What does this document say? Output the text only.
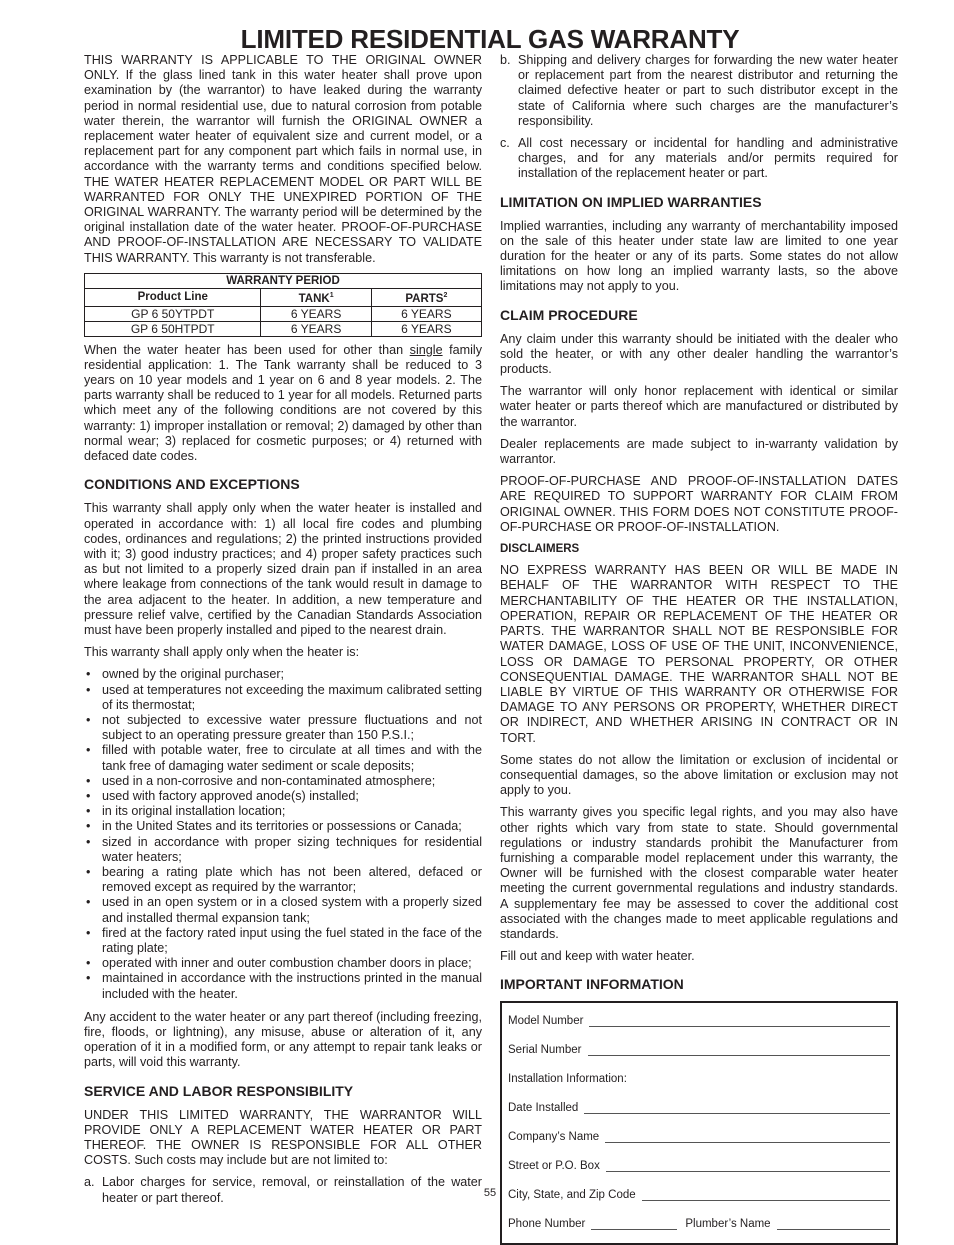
LIMITED RESIDENTIAL GAS WARRANTY

THIS WARRANTY IS APPLICABLE TO THE ORIGINAL OWNER ONLY. If the glass lined tank in this water heater shall prove upon examination by (the warrantor) to have leaked during the warranty period in normal residential use, due to natural corrosion from potable water therein, the warrantor will furnish the ORIGINAL OWNER a replacement water heater of equivalent size and current model, or a replacement part for any component part which fails in normal use, in accordance with the warranty terms and conditions specified below. THE WATER HEATER REPLACEMENT MODEL OR PART WILL BE WARRANTED FOR ONLY THE UNEXPIRED PORTION OF THE ORIGINAL WARRANTY. The warranty period will be determined by the original installation date of the water heater. PROOF-OF-PURCHASE AND PROOF-OF-INSTALLATION ARE NECESSARY TO VALIDATE THIS WARRANTY. This warranty is not transferable.

WARRANTY PERIOD		
Product Line	TANK$^1$	PARTS$^2$
GP 6 50YTPDT	6 YEARS	6 YEARS
GP 6 50HTPDT	6 YEARS	6 YEARS

When the water heater has been used for other than single family residential application: 1. The Tank warranty shall be reduced to 3 years on 10 year models and 1 year on 6 and 8 year models. 2. The parts warranty shall be reduced to 1 year for all models. Returned parts which meet any of the following conditions are not covered by this warranty: 1) improper installation or removal; 2) damaged by other than normal wear; 3) replaced for cosmetic purposes; or 4) returned with defaced date codes.

CONDITIONS AND EXCEPTIONS

This warranty shall apply only when the water heater is installed and operated in accordance with: 1) all local fire codes and plumbing codes, ordinances and regulations; 2) the printed instructions provided with it; 3) good industry practices; and 4) proper safety practices such as but not limited to a properly sized drain pan if installed in an area where leakage from connections of the tank would result in damage to the area adjacent to the heater. In addition, a new temperature and pressure relief valve, certified by the Canadian Standards Association must have been properly installed and piped to the nearest drain.

This warranty shall apply only when the heater is:

• owned by the original purchaser;
• used at temperatures not exceeding the maximum calibrated setting of its thermostat;
• not subjected to excessive water pressure fluctuations and not subject to an operating pressure greater than 150 P.S.I.;
• filled with potable water, free to circulate at all times and with the tank free of damaging water sediment or scale deposits;
• used in a non-corrosive and non-contaminated atmosphere;
• used with factory approved anode(s) installed;
• in its original installation location;
• in the United States and its territories or possessions or Canada;
• sized in accordance with proper sizing techniques for residential water heaters;
• bearing a rating plate which has not been altered, defaced or removed except as required by the warrantor;
• used in an open system or in a closed system with a properly sized and installed thermal expansion tank;
• fired at the factory rated input using the fuel stated in the face of the rating plate;
• operated with inner and outer combustion chamber doors in place;
• maintained in accordance with the instructions printed in the manual included with the heater.

Any accident to the water heater or any part thereof (including freezing, fire, floods, or lightning), any misuse, abuse or alteration of it, any operation of it in a modified form, or any attempt to repair tank leaks or parts, will void this warranty.

SERVICE AND LABOR RESPONSIBILITY

UNDER THIS LIMITED WARRANTY, THE WARRANTOR WILL PROVIDE ONLY A REPLACEMENT WATER HEATER OR PART THEREOF. THE OWNER IS RESPONSIBLE FOR ALL OTHER COSTS. Such costs may include but are not limited to:

a. Labor charges for service, removal, or reinstallation of the water heater or part thereof.
b. Shipping and delivery charges for forwarding the new water heater or replacement part from the nearest distributor and returning the claimed defective heater or part to such distributor except in the state of California where such charges are the manufacturer’s responsibility.
c. All cost necessary or incidental for handling and administrative charges, and for any materials and/or permits required for installation of the replacement heater or part.
LIMITATION ON IMPLIED WARRANTIES

Implied warranties, including any warranty of merchantability imposed on the sale of this heater under state law are limited to one year duration for the heater or any of its parts. Some states do not allow limitations on how long an implied warranty lasts, so the above limitations may not apply to you.

CLAIM PROCEDURE

Any claim under this warranty should be initiated with the dealer who sold the heater, or with any other dealer handling the warrantor’s products.

The warrantor will only honor replacement with identical or similar water heater or parts thereof which are manufactured or distributed by the warrantor.

Dealer replacements are made subject to in-warranty validation by warrantor.

PROOF-OF-PURCHASE AND PROOF-OF-INSTALLATION DATES ARE REQUIRED TO SUPPORT WARRANTY FOR CLAIM FROM ORIGINAL OWNER. THIS FORM DOES NOT CONSTITUTE PROOF-OF-PURCHASE OR PROOF-OF-INSTALLATION.

DISCLAIMERS

NO EXPRESS WARRANTY HAS BEEN OR WILL BE MADE IN BEHALF OF THE WARRANTOR WITH RESPECT TO THE MERCHANTABILITY OF THE HEATER OR THE INSTALLATION, OPERATION, REPAIR OR REPLACEMENT OF THE HEATER OR PARTS. THE WARRANTOR SHALL NOT BE RESPONSIBLE FOR WATER DAMAGE, LOSS OF USE OF THE UNIT, INCONVENIENCE, LOSS OR DAMAGE TO PERSONAL PROPERTY, OR OTHER CONSEQUENTIAL DAMAGE. THE WARRANTOR SHALL NOT BE LIABLE BY VIRTUE OF THIS WARRANTY OR OTHERWISE FOR DAMAGE TO ANY PERSONS OR PROPERTY, WHETHER DIRECT OR INDIRECT, AND WHETHER ARISING IN CONTRACT OR IN TORT.

Some states do not allow the limitation or exclusion of incidental or consequential damages, so the above limitation or exclusion may not apply to you.

This warranty gives you specific legal rights, and you may also have other rights which vary from state to state. Should governmental regulations or industry standards prohibit the Manufacturer from furnishing a comparable model replacement under this warranty, the Owner will be furnished with the closest comparable water heater meeting the current governmental regulations and industry standards. A supplementary fee may be assessed to cover the additional cost associated with the changes made to meet applicable regulations and standards.

Fill out and keep with water heater.

IMPORTANT INFORMATION
Model Number
Serial Number
Installation Information:
Date Installed
Company’s Name
Street or P.O. Box
City, State, and Zip Code
Phone Number	Plumber’s Name
55
